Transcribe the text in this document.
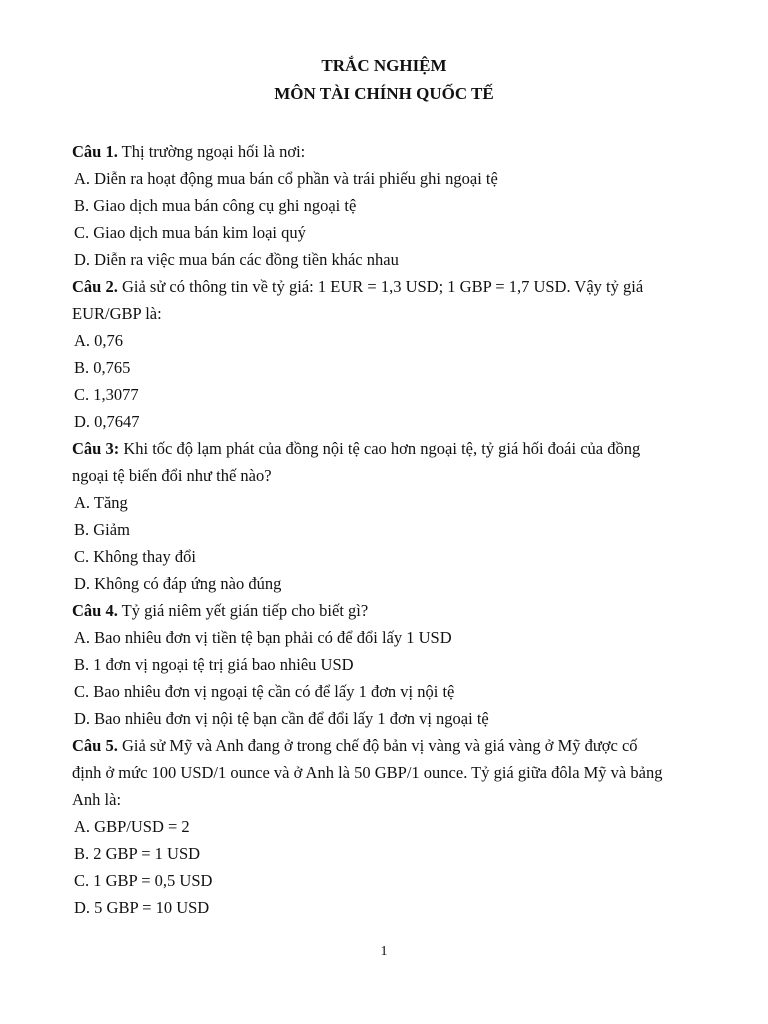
TRẮC NGHIỆM
MÔN TÀI CHÍNH QUỐC TẾ
Câu 1. Thị trường ngoại hối là nơi:
A. Diễn ra hoạt động mua bán cổ phần và trái phiếu ghi ngoại tệ
B. Giao dịch mua bán công cụ ghi ngoại tệ
C. Giao dịch mua bán kim loại quý
D. Diễn ra việc mua bán các đồng tiền khác nhau
Câu 2. Giả sử có thông tin về tỷ giá: 1 EUR = 1,3 USD; 1 GBP = 1,7 USD. Vậy tỷ giá
EUR/GBP là:
A. 0,76
B. 0,765
C. 1,3077
D. 0,7647
Câu 3: Khi tốc độ lạm phát của đồng nội tệ cao hơn ngoại tệ, tỷ giá hối đoái của đồng
ngoại tệ biến đổi như thế nào?
A. Tăng
B. Giảm
C. Không thay đổi
D. Không có đáp ứng nào đúng
Câu 4. Tỷ giá niêm yết gián tiếp cho biết gì?
A. Bao nhiêu đơn vị tiền tệ bạn phải có để đổi lấy 1 USD
B. 1 đơn vị ngoại tệ trị giá bao nhiêu USD
C. Bao nhiêu đơn vị ngoại tệ cần có để lấy 1 đơn vị nội tệ
D. Bao nhiêu đơn vị nội tệ bạn cần để đổi lấy 1 đơn vị ngoại tệ
Câu 5. Giả sử Mỹ và Anh đang ở trong chế độ bản vị vàng và giá vàng ở Mỹ được cố
định ở mức 100 USD/1 ounce và ở Anh là 50 GBP/1 ounce. Tỷ giá giữa đôla Mỹ và bảng
Anh là:
A. GBP/USD = 2
B. 2 GBP = 1 USD
C. 1 GBP = 0,5 USD
D. 5 GBP = 10 USD
1
